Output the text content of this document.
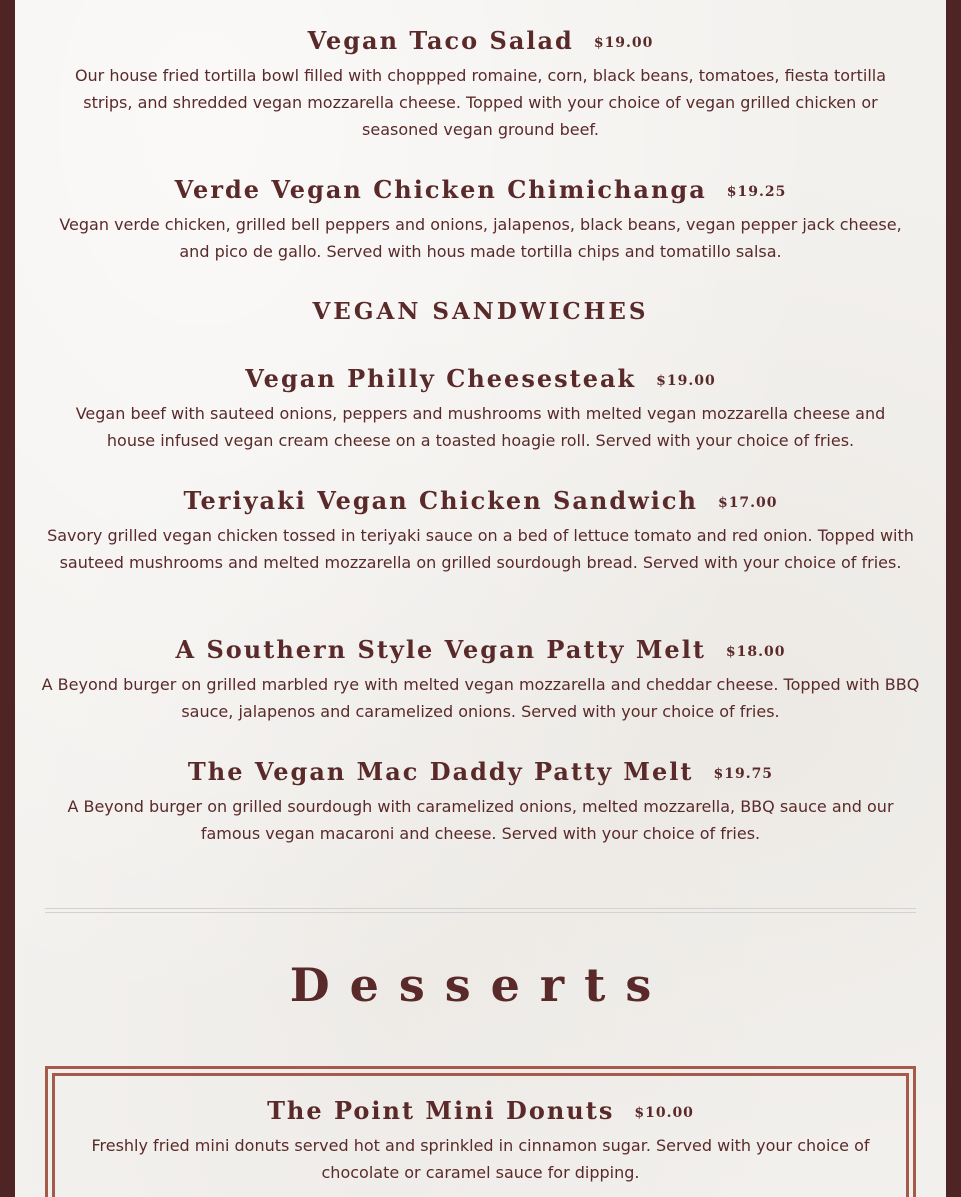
Vegan Taco Salad $19.00
Our house fried tortilla bowl filled with choppped romaine, corn, black beans, tomatoes, fiesta tortilla strips, and shredded vegan mozzarella cheese. Topped with your choice of vegan grilled chicken or seasoned vegan ground beef.
Verde Vegan Chicken Chimichanga $19.25
Vegan verde chicken, grilled bell peppers and onions, jalapenos, black beans, vegan pepper jack cheese, and pico de gallo. Served with hous made tortilla chips and tomatillo salsa.
VEGAN SANDWICHES
Vegan Philly Cheesesteak $19.00
Vegan beef with sauteed onions, peppers and mushrooms with melted vegan mozzarella cheese and house infused vegan cream cheese on a toasted hoagie roll. Served with your choice of fries.
Teriyaki Vegan Chicken Sandwich $17.00
Savory grilled vegan chicken tossed in teriyaki sauce on a bed of lettuce tomato and red onion. Topped with sauteed mushrooms and melted mozzarella on grilled sourdough bread. Served with your choice of fries.
A Southern Style Vegan Patty Melt $18.00
A Beyond burger on grilled marbled rye with melted vegan mozzarella and cheddar cheese. Topped with BBQ sauce, jalapenos and caramelized onions. Served with your choice of fries.
The Vegan Mac Daddy Patty Melt $19.75
A Beyond burger on grilled sourdough with caramelized onions, melted mozzarella, BBQ sauce and our famous vegan macaroni and cheese. Served with your choice of fries.
Desserts
The Point Mini Donuts $10.00
Freshly fried mini donuts served hot and sprinkled in cinnamon sugar. Served with your choice of chocolate or caramel sauce for dipping.
